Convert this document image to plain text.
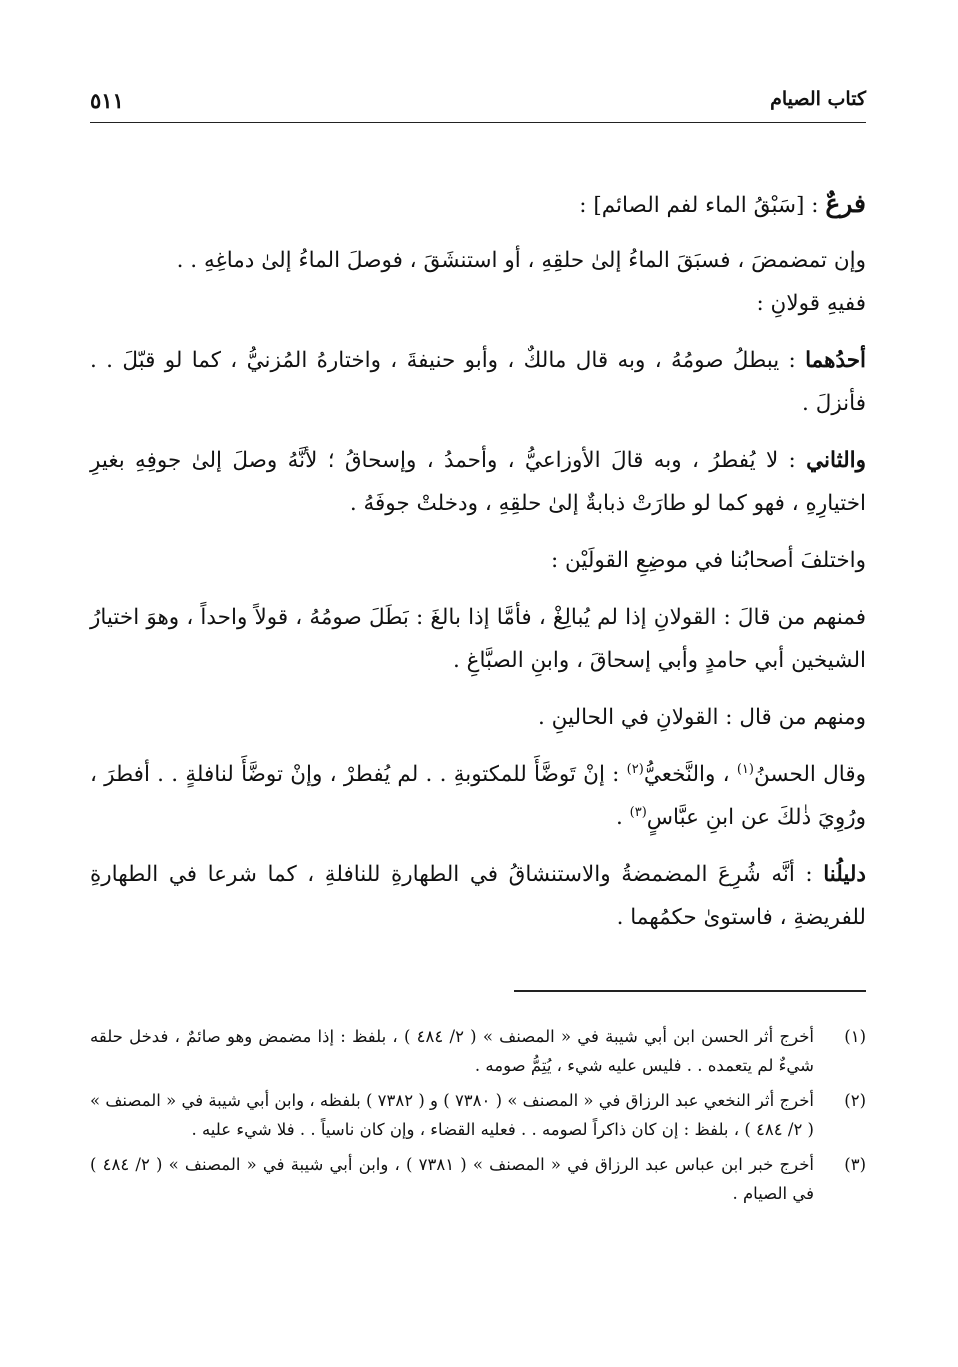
كتاب الصيام
٥١١

فرعٌ : [سَبْقُ الماء لفم الصائم] :

وإن تمضمضَ ، فسبَقَ الماءُ إلىٰ حلقِهِ ، أو استنشَقَ ، فوصلَ الماءُ إلىٰ دماغِهِ . .

ففيهِ قولانِ :

أحدُهما : يبطلُ صومُهُ ، وبه قال مالكٌ ، وأبو حنيفةَ ، واختارهُ المُزنيُّ ، كما لو قبّلَ . . فأنزلَ .

والثاني : لا يُفطرُ ، وبه قالَ الأوزاعيُّ ، وأحمدُ ، وإسحاقُ ؛ لأنَّهُ وصلَ إلىٰ جوفِهِ بغيرِ اختيارِهِ ، فهو كما لو طارَتْ ذبابةٌ إلىٰ حلقِهِ ، ودخلتْ جوفَهُ .

واختلفَ أصحابُنا في موضِعِ القولَيْن :

فمنهم من قالَ : القولانِ إذا لم يُبالِغْ ، فأمَّا إذا بالغَ : بَطَلَ صومُهُ ، قولاً واحداً ، وهوَ اختيارُ الشيخين أبي حامدٍ وأبي إسحاقَ ، وابنِ الصبَّاغِ .

ومنهم من قال : القولانِ في الحالينِ .

وقال الحسنُ$^{(١)}$ ، والنَّخعيُّ$^{(٢)}$ : إنْ تَوضَّأَ للمكتوبةِ . . لم يُفطرْ ، وإنْ توضَّأَ لنافلةٍ . . أفطرَ ، ورُوِيَ ذٰلكَ عن ابنِ عبَّاسٍ$^{(٣)}$ .

دليلُنا : أنَّه شُرِعَ المضمضةُ والاستنشاقُ في الطهارةِ للنافلةِ ، كما شرعا في الطهارةِ للفريضةِ ، فاستوىٰ حكمُهما .

(١)
أخرج أثر الحسن ابن أبي شيبة في « المصنف » ( ٢/ ٤٨٤ ) ، بلفظ : إذا مضمض وهو صائمٌ ، فدخل حلقه شيءٌ لم يتعمده . . فليس عليه شيء ، يُتِمُّ صومه .
(٢)
أخرج أثر النخعي عبد الرزاق في « المصنف » ( ٧٣٨٠ ) و ( ٧٣٨٢ ) بلفظه ، وابن أبي شيبة في « المصنف » ( ٢/ ٤٨٤ ) ، بلفظ : إن كان ذاكراً لصومه . . فعليه القضاء ، وإن كان ناسياً . . فلا شيء عليه .
(٣)
أخرج خبر ابن عباس عبد الرزاق في « المصنف » ( ٧٣٨١ ) ، وابن أبي شيبة في « المصنف » ( ٢/ ٤٨٤ ) في الصيام .
